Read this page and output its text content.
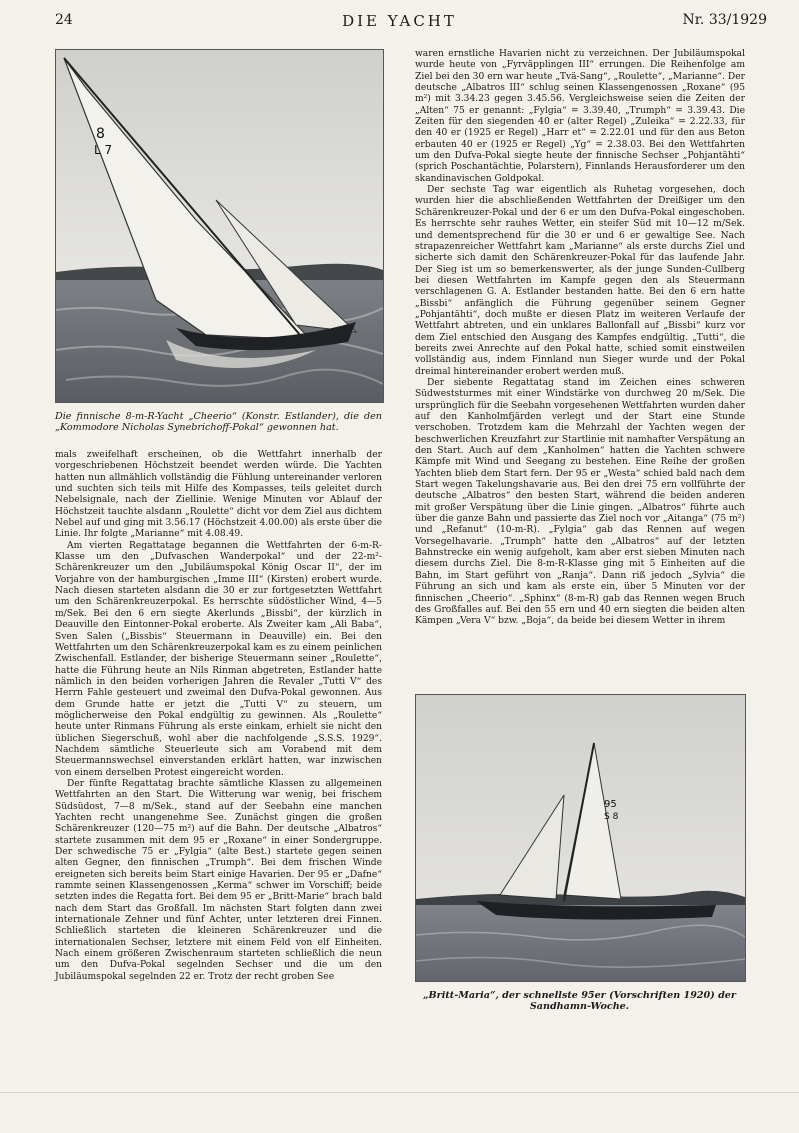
24	DIE YACHT	Nr. 33/1929
8
L 7
Die finnische 8-m-R-Yacht „Cheerio“ (Konstr. Estlander), die den „Kommodore Nicholas Synebrichoff-Pokal“ gewonnen hat.

mals zweifelhaft erscheinen, ob die Wettfahrt innerhalb der vorgeschriebenen Höchstzeit beendet werden würde. Die Yachten hatten nun allmählich vollständig die Fühlung untereinander verloren und suchten sich teils mit Hilfe des Kompasses, teils geleitet durch Nebelsignale, nach der Ziellinie. Wenige Minuten vor Ablauf der Höchstzeit tauchte alsdann „Roulette“ dicht vor dem Ziel aus dichtem Nebel auf und ging mit 3.56.17 (Höchstzeit 4.00.00) als erste über die Linie. Ihr folgte „Marianne“ mit 4.08.49.

Am vierten Regattatage begannen die Wettfahrten der 6-m-R-Klasse um den „Dufvaschen Wanderpokal“ und der 22-m²-Schärenkreuzer um den „Jubiläumspokal König Oscar II“, der im Vorjahre von der hamburgischen „Imme III“ (Kirsten) erobert wurde. Nach diesen starteten alsdann die 30 er zur fortgesetzten Wettfahrt um den Schärenkreuzerpokal. Es herrschte südöstlicher Wind, 4—5 m/Sek. Bei den 6 ern siegte Akerlunds „Bissbi“, der kürzlich in Deauville den Eintonner-Pokal eroberte. Als Zweiter kam „Ali Baba“, Sven Salen („Bissbis“ Steuermann in Deauville) ein. Bei den Wettfahrten um den Schärenkreuzerpokal kam es zu einem peinlichen Zwischenfall. Estlander, der bisherige Steuermann seiner „Roulette“, hatte die Führung heute an Nils Rinman abgetreten, Estlander hatte nämlich in den beiden vorherigen Jahren die Revaler „Tutti V“ des Herrn Fahle gesteuert und zweimal den Dufva-Pokal gewonnen. Aus dem Grunde hatte er jetzt die „Tutti V“ zu steuern, um möglicherweise den Pokal endgültig zu gewinnen. Als „Roulette“ heute unter Rinmans Führung als erste einkam, erhielt sie nicht den üblichen Siegerschuß, wohl aber die nachfolgende „S.S.S. 1929“. Nachdem sämtliche Steuerleute sich am Vorabend mit dem Steuermannswechsel einverstanden erklärt hatten, war inzwischen von einem derselben Protest eingereicht worden.

Der fünfte Regattatag brachte sämtliche Klassen zu allgemeinen Wettfahrten an den Start. Die Witterung war wenig, bei frischem Südsüdost, 7—8 m/Sek., stand auf der Seebahn eine manchen Yachten recht unangenehme See. Zunächst gingen die großen Schärenkreuzer (120—75 m²) auf die Bahn. Der deutsche „Albatros“ startete zusammen mit dem 95 er „Roxane“ in einer Sondergruppe. Der schwedische 75 er „Fylgia“ (alte Best.) startete gegen seinen alten Gegner, den finnischen „Trumph“. Bei dem frischen Winde ereigneten sich bereits beim Start einige Havarien. Der 95 er „Dafne“ rammte seinen Klassengenossen „Kerma“ schwer im Vorschiff; beide setzten indes die Regatta fort. Bei dem 95 er „Britt-Marie“ brach bald nach dem Start das Großfall. Im nächsten Start folgten dann zwei internationale Zehner und fünf Achter, unter letzteren drei Finnen. Schließlich starteten die kleineren Schärenkreuzer und die internationalen Sechser, letztere mit einem Feld von elf Einheiten. Nach einem größeren Zwischenraum starteten schließlich die neun um den Dufva-Pokal segelnden Sechser und die um den Jubiläumspokal segelnden 22 er. Trotz der recht groben See

waren ernstliche Havarien nicht zu verzeichnen. Der Jubiläumspokal wurde heute von „Fyrväpplingen III“ errungen. Die Reihenfolge am Ziel bei den 30 ern war heute „Tvä-Sang“, „Roulette“, „Marianne“. Der deutsche „Albatros III“ schlug seinen Klassengenossen „Roxane“ (95 m²) mit 3.34.23 gegen 3.45.56. Vergleichsweise seien die Zeiten der „Alten“ 75 er genannt: „Fylgia“ = 3.39.40, „Trumph“ = 3.39.43. Die Zeiten für den siegenden 40 er (alter Regel) „Zuleika“ = 2.22.33, für den 40 er (1925 er Regel) „Harr et“ = 2.22.01 und für den aus Beton erbauten 40 er (1925 er Regel) „Yg“ = 2.38.03. Bei den Wettfahrten um den Dufva-Pokal siegte heute der finnische Sechser „Pohjantähti“ (sprich Poschantächtie, Polarstern), Finnlands Herausforderer um den skandinavischen Goldpokal.

Der sechste Tag war eigentlich als Ruhetag vorgesehen, doch wurden hier die abschließenden Wettfahrten der Dreißiger um den Schärenkreuzer-Pokal und der 6 er um den Dufva-Pokal eingeschoben. Es herrschte sehr rauhes Wetter, ein steifer Süd mit 10—12 m/Sek. und dementsprechend für die 30 er und 6 er gewaltige See. Nach strapazenreicher Wettfahrt kam „Marianne“ als erste durchs Ziel und sicherte sich damit den Schärenkreuzer-Pokal für das laufende Jahr. Der Sieg ist um so bemerkenswerter, als der junge Sunden-Cullberg bei diesen Wettfahrten im Kampfe gegen den als Steuermann verschlagenen G. A. Estlander bestanden hatte. Bei den 6 ern hatte „Bissbi“ anfänglich die Führung gegenüber seinem Gegner „Pohjantähti“, doch mußte er diesen Platz im weiteren Verlaufe der Wettfahrt abtreten, und ein unklares Ballonfall auf „Bissbi“ kurz vor dem Ziel entschied den Ausgang des Kampfes endgültig. „Tutti“, die bereits zwei Anrechte auf den Pokal hatte, schied somit einstweilen vollständig aus, indem Finnland nun Sieger wurde und der Pokal dreimal hintereinander erobert werden muß.

Der siebente Regattatag stand im Zeichen eines schweren Südweststurmes mit einer Windstärke von durchweg 20 m/Sek. Die ursprünglich für die Seebahn vorgesehenen Wettfahrten wurden daher auf den Kanholmfjärden verlegt und der Start eine Stunde verschoben. Trotzdem kam die Mehrzahl der Yachten wegen der beschwerlichen Kreuzfahrt zur Startlinie mit namhafter Verspätung an den Start. Auch auf dem „Kanholmen“ hatten die Yachten schwere Kämpfe mit Wind und Seegang zu bestehen. Eine Reihe der großen Yachten blieb dem Start fern. Der 95 er „Westa“ schied bald nach dem Start wegen Takelungshavarie aus. Bei den drei 75 ern vollführte der deutsche „Albatros“ den besten Start, während die beiden anderen mit großer Verspätung über die Linie gingen. „Albatros“ führte auch über die ganze Bahn und passierte das Ziel noch vor „Aitanga“ (75 m²) und „Refanut“ (10-m-R). „Fylgia“ gab das Rennen auf wegen Vorsegelhavarie. „Trumph“ hatte den „Albatros“ auf der letzten Bahnstrecke ein wenig aufgeholt, kam aber erst sieben Minuten nach diesem durchs Ziel. Die 8-m-R-Klasse ging mit 5 Einheiten auf die Bahn, im Start geführt von „Ranja“. Dann riß jedoch „Sylvia“ die Führung an sich und kam als erste ein, über 5 Minuten vor der finnischen „Cheerio“. „Sphinx“ (8-m-R) gab das Rennen wegen Bruch des Großfalles auf. Bei den 55 ern und 40 ern siegten die beiden alten Kämpen „Vera V“ bzw. „Boja“, da beide bei diesem Wetter in ihrem

95
S 8
„Britt-Maria“, der schnellste 95er (Vorschriften 1920) der Sandhamn-Woche.
